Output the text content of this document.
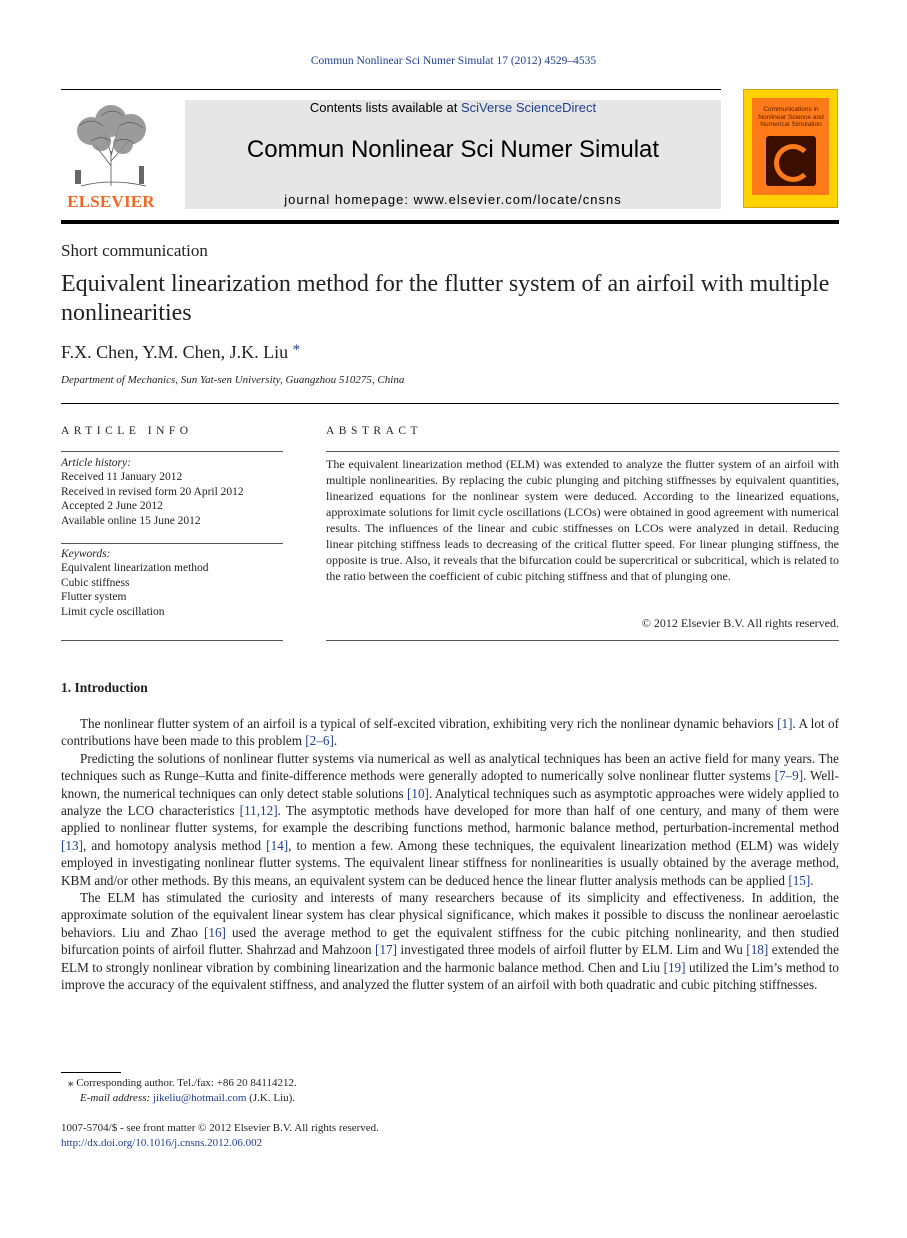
Commun Nonlinear Sci Numer Simulat 17 (2012) 4529–4535
ELSEVIER
Contents lists available at SciVerse ScienceDirect
Commun Nonlinear Sci Numer Simulat
journal homepage: www.elsevier.com/locate/cnsns
Communications in Nonlinear Science and Numerical Simulation
Short communication
Equivalent linearization method for the flutter system of an airfoil with multiple nonlinearities
F.X. Chen, Y.M. Chen, J.K. Liu *
Department of Mechanics, Sun Yat-sen University, Guangzhou 510275, China
ARTICLE INFO	ABSTRACT
Article history:
Received 11 January 2012
Received in revised form 20 April 2012
Accepted 2 June 2012
Available online 15 June 2012
Keywords:
Equivalent linearization method
Cubic stiffness
Flutter system
Limit cycle oscillation
The equivalent linearization method (ELM) was extended to analyze the flutter system of an airfoil with multiple nonlinearities. By replacing the cubic plunging and pitching stiffnesses by equivalent quantities, linearized equations for the nonlinear system were deduced. According to the linearized equations, approximate solutions for limit cycle oscillations (LCOs) were obtained in good agreement with numerical results. The influences of the linear and cubic stiffnesses on LCOs were analyzed in detail. Reducing linear pitching stiffness leads to decreasing of the critical flutter speed. For linear plunging stiffness, the opposite is true. Also, it reveals that the bifurcation could be supercritical or subcritical, which is related to the ratio between the coefficient of cubic pitching stiffness and that of plunging one.
© 2012 Elsevier B.V. All rights reserved.
1. Introduction

The nonlinear flutter system of an airfoil is a typical of self-excited vibration, exhibiting very rich the nonlinear dynamic behaviors [1]. A lot of contributions have been made to this problem [2–6].

Predicting the solutions of nonlinear flutter systems via numerical as well as analytical techniques has been an active field for many years. The techniques such as Runge–Kutta and finite-difference methods were generally adopted to numerically solve nonlinear flutter systems [7–9]. Well-known, the numerical techniques can only detect stable solutions [10]. Analytical techniques such as asymptotic approaches were widely applied to analyze the LCO characteristics [11,12]. The asymptotic methods have developed for more than half of one century, and many of them were applied to nonlinear flutter systems, for example the describing functions method, harmonic balance method, perturbation-incremental method [13], and homotopy analysis method [14], to mention a few. Among these techniques, the equivalent linearization method (ELM) was widely employed in investigating nonlinear flutter systems. The equivalent linear stiffness for nonlinearities is usually obtained by the average method, KBM and/or other methods. By this means, an equivalent system can be deduced hence the linear flutter analysis methods can be applied [15].

The ELM has stimulated the curiosity and interests of many researchers because of its simplicity and effectiveness. In addition, the approximate solution of the equivalent linear system has clear physical significance, which makes it possible to discuss the nonlinear aeroelastic behaviors. Liu and Zhao [16] used the average method to get the equivalent stiffness for the cubic pitching nonlinearity, and then studied bifurcation points of airfoil flutter. Shahrzad and Mahzoon [17] investigated three models of airfoil flutter by ELM. Lim and Wu [18] extended the ELM to strongly nonlinear vibration by combining linearization and the harmonic balance method. Chen and Liu [19] utilized the Lim’s method to improve the accuracy of the equivalent stiffness, and analyzed the flutter system of an airfoil with both quadratic and cubic pitching stiffnesses.

⁎ Corresponding author. Tel./fax: +86 20 84114212.
E-mail address: jikeliu@hotmail.com (J.K. Liu).
1007-5704/$ - see front matter © 2012 Elsevier B.V. All rights reserved.
http://dx.doi.org/10.1016/j.cnsns.2012.06.002
